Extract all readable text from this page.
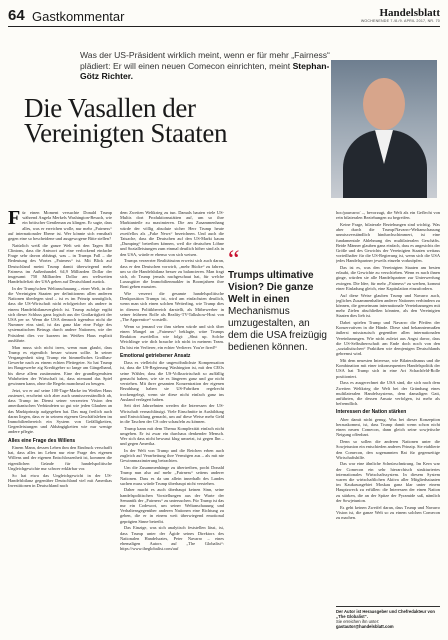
64 Gastkommentar	Handelsblatt
WOCHENENDE 7./8./9. APRIL 2017, NR. 70

Was der US-Präsident wirklich meint, wenn er für mehr „Fairness“ plädiert: Er will einen neuen Comecon einrichten, meint Stephan-Götz Richter.

Die Vasallen der Vereinigten Staaten

Für einen Moment versuchte Donald Trump während Angela Merkels Washington-Besuch, wie ein britischer Gentleman zu klingen. Er sagte, dass alles, was er erreichen wolle, nur mehr „Fairness“ auf internationaler Ebene ist. Wer könnte sich ernsthaft gegen eine so bescheidene und ausgewogene Bitte stellen?

Natürlich weiß die ganze Welt seit den Tagen Bill Clintons, dass die Antwort auf eine verlockend einfache Frage sehr davon abhängt, was – in Trumps Fall – die Bedeutung des Wortes „Fairness“ ist. Mit Blick auf Deutschland meint Trump damit überwiegend mehr Fairness im Außenhandel. 64,9 Milliarden Dollar der insgesamt 750 Milliarden Dollar am weltweiten Handelsdefizit der USA gehen auf Deutschland zurück.

In der Trump'schen Weltanschauung – einer Welt, in der die Vereinigten Staaten per definitionem allen anderen Nationen überlegen sind – ist es im Prinzip unmöglich, dass die US-Wirtschaft nicht erfolgreicher als andere in einem Handelsbilanzvergleich ist. Trump zufolge ergibt sich dieser Schluss ganz logisch aus der Großartigkeit der USA per se. Wenn die USA dennoch irgendwo nicht die Nummer eins sind, ist das ganz klar eine Folge des systematischen Betrugs durch andere Nationen, wie der Präsident dies vor kurzem im Weißen Haus explizit ausführte.

Man muss sich nicht irren, wenn man glaubt, dass Trump es eigentlich besser wissen sollte. In seiner Vergangenheit stieg Trump ein himmelhohes Großbau-Gewerbe nach zu einem echten Pleitegeier. So hat Trump im Baugewerbe zig Kreditgeber so lange am Gängelband, bis diese allem zustimmten. Eine der grundlegendsten Wahrheiten der Wirtschaft ist, dass niemand das Spiel gewinnen kann, ohne die Regeln manchmal zu beugen.

Jetzt, wo er auf seine 100-Tage-Marke im Weißen Haus zusteuert, erscheint sich aber auch unmissverständlich ab, dass Trump im Dienst seiner verzerrten Vision den amerikanischen Verbündeten so gut wie jeden Glauben an das Marktprinzip aufgegeben hat. Das mag freilich auch daran liegen, dass er in seinem eigenen Geschäftsleben im Immobilienbereich ein System von Gefälligkeiten, Gegenleistungen und Abhängigkeiten wie nur wenige andere pflegte.

Alles eine Frage des Willens

Einem Mann, dessen Leben ihm den Eindruck verschafft hat, dass alles im Leben nur eine Frage des eigenen Willens und der eigenen Entschlossenheit ist, kommen die eigentlichen Gründe für handelspolitische Ungleichgewichte nur schwer erklärbar vor.

So hat etwa das Ungleichgewicht in der US-Handelsbilanz gegenüber Deutschland viel mit Amerikas Investitionen in Deutschland nach

dem Zweiten Weltkrieg zu tun. Damals bauten viele US-Multis dort Produktionsstätten auf, um so ihre Marktanteile zu maximieren. Die am Zusammenhang würde der völlig absolute sicher Herr Trump heute zweifellos als „Fake News“ bezeichnen. Und auch die Tatsache, dass die Deutschen auf den US-Markt kaum „Dumping“ betreiben können, weil die deutschen Löhne und Sozialleistungen zum einmal deutlich höher sind als in den USA, würde er ebenso von sich weisen.

Trumps verzerrter Realitätssinn erweist sich auch daran, dass er den Deutschen vorwirft, „mehr Bücke“ zu fahren, um so die Handelsbilanz besser zu balancieren. Man fragt sich, ob Trump jemals nachgeschaut hat, für welche Luxusgüter die Immobilienmakler in Boomjahren ihre Boni geben mussten.

Wie verzerrt die gesamte handelspolitische Denkposition Trumps ist, wird am einfachsten deutlich, wenn man sich einen solchen Weiterling, wie Trump dies in diesem Politikbereich darstellt, als Mitbewerber in seiner früheren Rolle als Reality-TV-Talkshow-Host von „The Apprentice“ vorstellt.

Wenn so jemand vor ihm stehen würde und sich über einen Mangel an „Fairness“ beklagte, wäre Trumps Reaktion zweifellos wie folgt: „Shut up. Solche Weichlinge wie dich brauche ich nicht in meinem Team. Du bist ein Verlierer, ein echter Verlierer. You're fired!“

Emotional getriebener Ansatz

Dass es vielleicht die ungewöhnlichste Kompensation ist, dass die US-Regierung Washington ist, mit den CEOs seine Wähler, dass die US-Volkswirtschaft so auffällig gemacht haben, wie sie es längeren ganz und gar nicht verstehen. Mit ihrer gesamten Konzentration der eigenen Bezahlung haben sie US-Fabriken regelrecht trockengelegt, wenn sie diese nicht einfach ganz ins Ausland verlagert haben.

Seit drei Jahrzehnten werden die Interessen der US-Wirtschaft vernachlässigt. Viele Einschnitte in Ausbildung und Entwicklung gemacht, um auf diese Weise mehr Geld in die Taschen der CS oder schaufeln zu können.

Trump kann mit dem Thema Komplexität einfach nicht umgehen. Er ist zwar ein durchaus denkender Mensch. Wer sich dass nicht bewusst klug umsetzt, ist gegen Ihn – und gegen Amerika.

In der Welt von Trump und die Reichen erben auch zugleich auf Verarbeitung ihre Vermögen aus – als mit nie Gewinnmaximierung betrachten.

Um die Zusammenhänge zu übertreiben, pocht Donald Trump nun also auf mehr „Fairness“ seitens anderer Nationen. Dass es da um allein innerhalb des Landes suchen muss würde Trump überhaupt nicht verstehen.

Daher macht es auch überhaupt keinen Sinn, seine handelspolitischen Vorstellungen aus der Warte der Semantik der „Fairness“ zu untersuchen. Für Trump ist das nur ein Codewort, um seiner Weltanschauung und Verhaltensgegenüber anderen Nationen eine Richtung zu geben, die er in einem weit überwiegend emotional geprägten Sinne betreibt.

Das Einzige, was sich analytisch feststellen lässt, ist, dass Trump unter der Ägide seines Direktors des Nationalen Handelsrates, Peter Navarro – eines ehemaligen Autors auf „The Globalist“: https://www.theglobalist.com/auf

“

Trumps ultimative Vision? Die ganze Welt in einen

Mechanismus umzugestalten, an dem die USA freizügig bedienen können.

hoc/pauvarro/ –, bevorzugt, die Welt als ein Geflecht von rein bilateralen Beziehungen zu begreifen.

Keine Frage, bilaterale Beziehungen sind wichtig. Was aber durch die Trump/Navarro-Weltanschauung unmissverständlich hindurchschimmert, ist eine fundamentale Ablehnung des multilateralen Geschäfts. Beide Männer glauben ganz einfach, dass es angesichts der Größe und des Gewichts der Vereinigten Staaten weitaus vorteilhafter für die US-Regierung ist, wenn sich die USA jedes Handelspartner jeweils einzeln vorknöpfen.

Das ist es, was den Vereinigten Staaten am besten erlaubt, die Gewichte zu verschieben. Wenn es nach ihnen ginge, würden sie alle Handelspartner zur Unterwerfung zwingen. Die Idee, für mehr „Fairness“ zu werben, kommt einer Einladung gleich, eine Kapitulation einzufordern.

Auf diese Weise glauben Trump und Navarro auch, jegliches Zusammenhalten anderer Nationen verhindern zu können, die gemeinsam internationale Vereinbarungen mit mehr Zielen abschließen könnten, als den Vereinigten Staaten dies lieb ist.

Dabei spielen Trump und Navarro die Pfeifen der Konservativen in die Hände. Diese sind bekanntermaßen äußerst misstrauisch gegenüber allen internationalen Vereinbarungen. Wie nicht zuletzt aus Angst davor, dass die US-Selbstherrschaft am Ende doch noch von den „sozialistischen“ Praktiken wie demjenigen Deutschlands gebremst wird.

Mit dem neuesten Interesse, wie Bilateralismus und die Kombination mit einer inkonsequenten Handelspolitik der USA hat Trump sich in eine Art Schachfeld-Rolle positioniert.

Dass es ausgerechnet die USA sind, die sich nach dem Zweiten Weltkrieg die Welt bei der Gründung eines multilateralen Handelssystems, dem damaligen Gatt, anführten, die dessen Ansatz verfolgen, ist mehr als befremdlich.

Interessen der Nation stärken

Aber damit nicht genug. Was bei dieser Konzeption herauskommt, ist, dass Trump damit wenn schon nicht einen neuen Comecon, dann gleich seine sowjetische Neigung offenbart.

Denn so sollen die anderen Nationen unter die Sowjetunion ein entschieden anderes Prinzip. Sie etablierte den Comecon, den sogenannten Rat für gegenseitige Wirtschaftshilfe.

Das war eine ähnliche Schnürschnürung. Im Kern war der Comecon ein sehr hierarchisch strukturiertes internationales Wirtschaftssystem. In diesem System waren die wirtschaftlichen Aktiva aller Mitgliedsstaaten im Kaukasusgebiet Moskau ganz klar unter einem Hauptzweck zu erfüllen: die Interessen der einen Nation zu stärken, die an der Spitze der Pyramide saß, nämlich der Sowjetunion.

Es geht keinen Zweifel daran, dass Trump und Navarro Vision ist, die ganze Welt so zu einem solchen Comecon zu machen.

Der Autor ist Herausgeber und Chefredakteur von „The Globalist“.
Sie erreichen ihn unter:
gastautor@handelsblatt.com
